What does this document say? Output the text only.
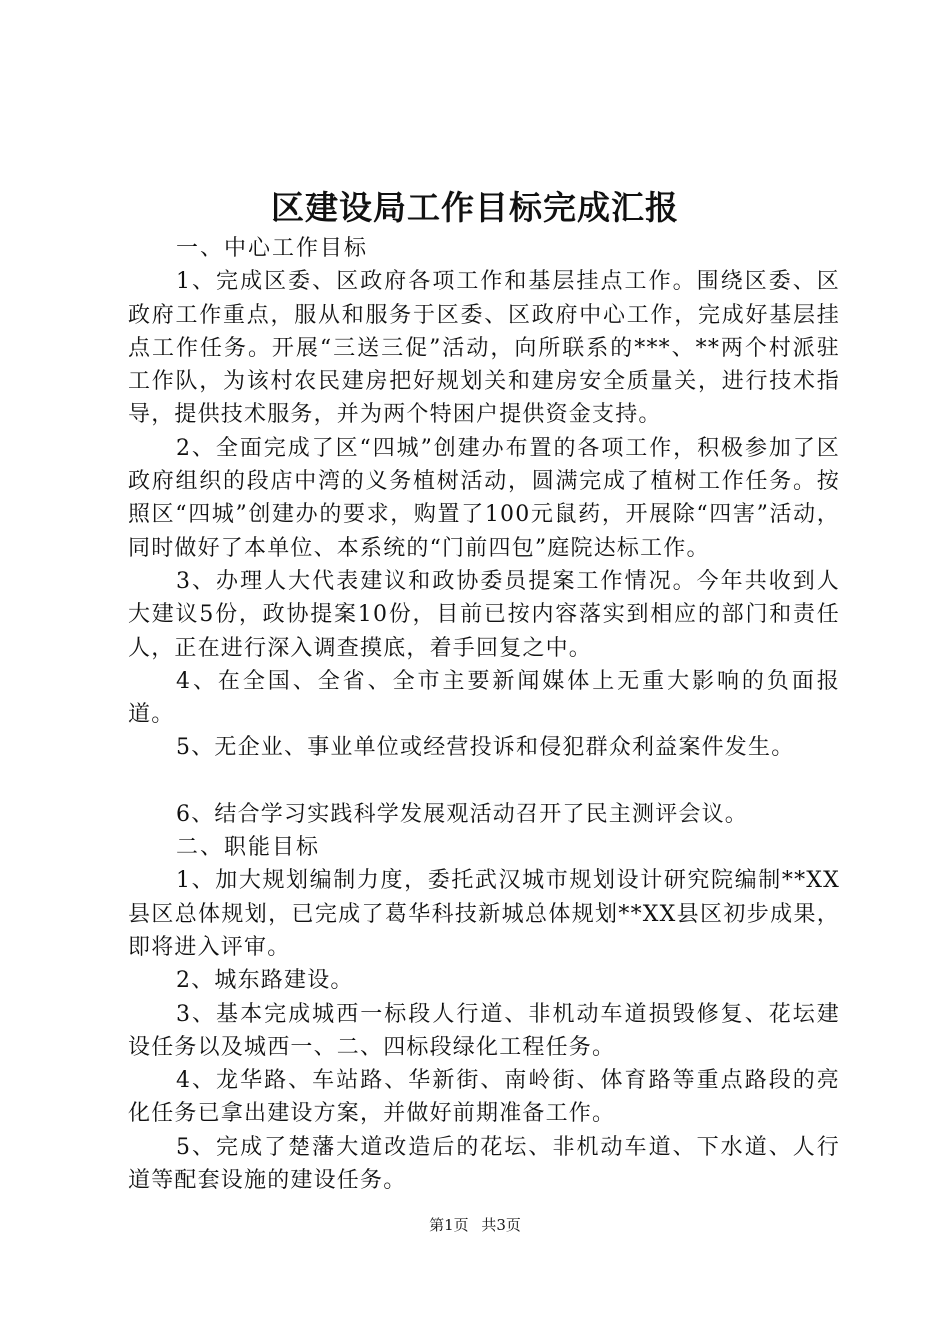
区建设局工作目标完成汇报

一、中心工作目标

1、完成区委、区政府各项工作和基层挂点工作。围绕区委、区政府工作重点，服从和服务于区委、区政府中心工作，完成好基层挂点工作任务。开展“三送三促”活动，向所联系的***、**两个村派驻工作队，为该村农民建房把好规划关和建房安全质量关，进行技术指导，提供技术服务，并为两个特困户提供资金支持。

2、全面完成了区“四城”创建办布置的各项工作，积极参加了区政府组织的段店中湾的义务植树活动，圆满完成了植树工作任务。按照区“四城”创建办的要求，购置了100元鼠药，开展除“四害”活动，同时做好了本单位、本系统的“门前四包”庭院达标工作。

3、办理人大代表建议和政协委员提案工作情况。今年共收到人大建议5份，政协提案10份，目前已按内容落实到相应的部门和责任人，正在进行深入调查摸底，着手回复之中。

4、在全国、全省、全市主要新闻媒体上无重大影响的负面报道。

5、无企业、事业单位或经营投诉和侵犯群众利益案件发生。

6、结合学习实践科学发展观活动召开了民主测评会议。

二、职能目标

1、加大规划编制力度，委托武汉城市规划设计研究院编制**XX县区总体规划，已完成了葛华科技新城总体规划**XX县区初步成果，即将进入评审。

2、城东路建设。

3、基本完成城西一标段人行道、非机动车道损毁修复、花坛建设任务以及城西一、二、四标段绿化工程任务。

4、龙华路、车站路、华新街、南岭街、体育路等重点路段的亮化任务已拿出建设方案，并做好前期准备工作。

5、完成了楚藩大道改造后的花坛、非机动车道、下水道、人行道等配套设施的建设任务。

第1页 共3页
